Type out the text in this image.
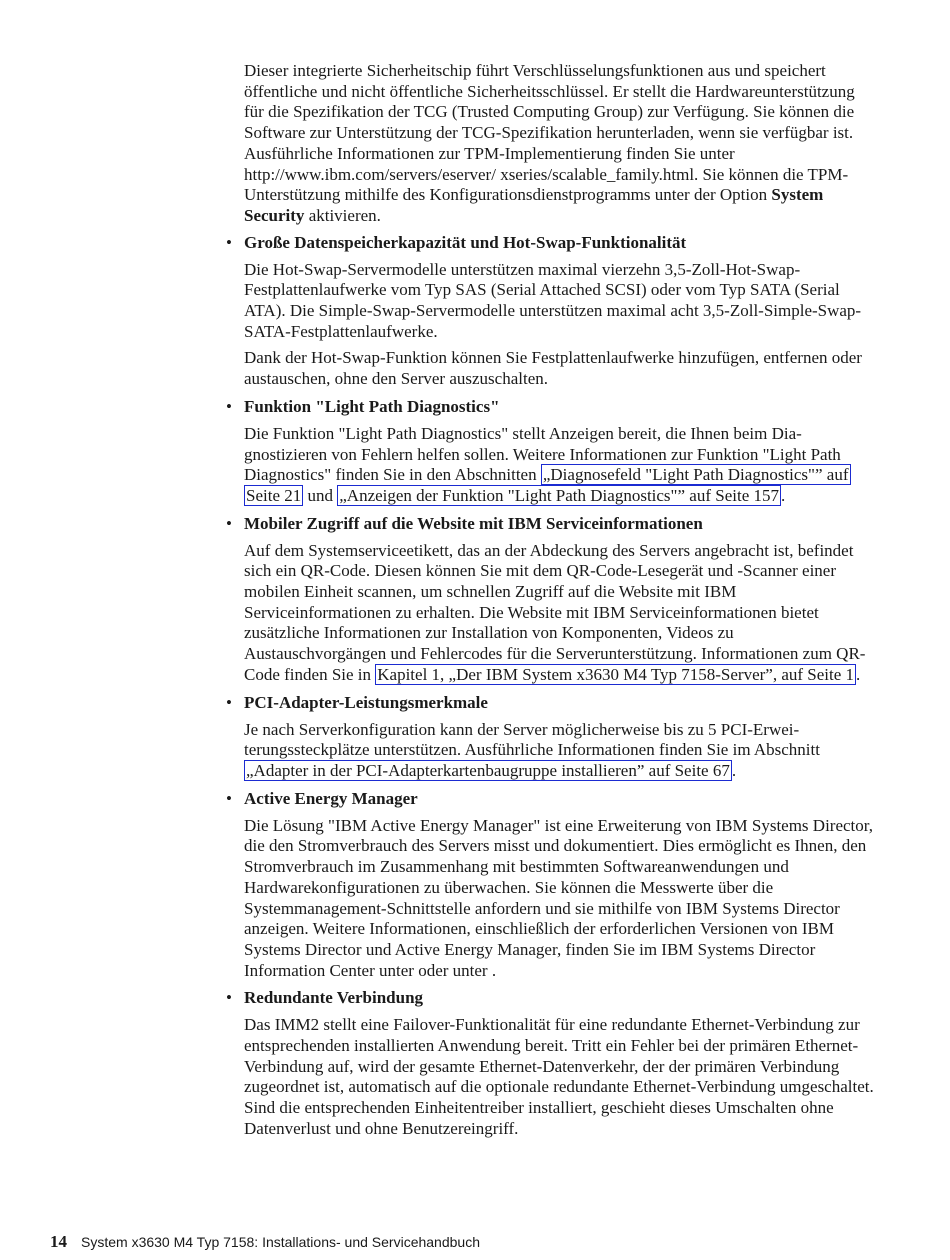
Dieser integrierte Sicherheitschip führt Verschlüsselungsfunktionen aus und speichert öffentliche und nicht öffentliche Sicherheitsschlüssel. Er stellt die Hardwareunterstützung für die Spezifikation der TCG (Trusted Computing Group) zur Verfügung. Sie können die Software zur Unterstützung der TCG-Spezifikation herunterladen, wenn sie verfügbar ist. Ausführliche Informationen zur TPM-Implementierung finden Sie unter http://www.ibm.com/servers/eserver/ xseries/scalable_family.html. Sie können die TPM-Unterstützung mithilfe des Konfigurationsdienstprogramms unter der Option System Security aktivieren.

• Große Datenspeicherkapazität und Hot-Swap-Funktionalität

Die Hot-Swap-Servermodelle unterstützen maximal vierzehn 3,5-Zoll-Hot-Swap-Festplattenlaufwerke vom Typ SAS (Serial Attached SCSI) oder vom Typ SATA (Serial ATA). Die Simple-Swap-Servermodelle unterstützen maximal acht 3,5-Zoll-Simple-Swap-SATA-Festplattenlaufwerke.

Dank der Hot-Swap-Funktion können Sie Festplattenlaufwerke hinzufügen, entfernen oder austauschen, ohne den Server auszuschalten.

• Funktion "Light Path Diagnostics"

Die Funktion "Light Path Diagnostics" stellt Anzeigen bereit, die Ihnen beim Diagnostizieren von Fehlern helfen sollen. Weitere Informationen zur Funktion "Light Path Diagnostics" finden Sie in den Abschnitten „Diagnosefeld "Light Path Diagnostics"” auf Seite 21 und „Anzeigen der Funktion "Light Path Diagnostics"” auf Seite 157 .

• Mobiler Zugriff auf die Website mit IBM Serviceinformationen

Auf dem Systemserviceetikett, das an der Abdeckung des Servers angebracht ist, befindet sich ein QR-Code. Diesen können Sie mit dem QR-Code-Lesegerät und -Scanner einer mobilen Einheit scannen, um schnellen Zugriff auf die Website mit IBM Serviceinformationen zu erhalten. Die Website mit IBM Serviceinformationen bietet zusätzliche Informationen zur Installation von Komponenten, Videos zu Austauschvorgängen und Fehlercodes für die Serverunterstützung. Informationen zum QR-Code finden Sie in Kapitel 1, „Der IBM System x3630 M4 Typ 7158-Server”, auf Seite 1 .

• PCI-Adapter-Leistungsmerkmale

Je nach Serverkonfiguration kann der Server möglicherweise bis zu 5 PCI-Erweiterungssteckplätze unterstützen. Ausführliche Informationen finden Sie im Abschnitt „Adapter in der PCI-Adapterkartenbaugruppe installieren” auf Seite 67 .

• Active Energy Manager

Die Lösung "IBM Active Energy Manager" ist eine Erweiterung von IBM Systems Director, die den Stromverbrauch des Servers misst und dokumentiert. Dies ermöglicht es Ihnen, den Stromverbrauch im Zusammenhang mit bestimmten Softwareanwendungen und Hardwarekonfigurationen zu überwachen. Sie können die Messwerte über die Systemmanagement-Schnittstelle anfordern und sie mithilfe von IBM Systems Director anzeigen. Weitere Informationen, einschließlich der erforderlichen Versionen von IBM Systems Director und Active Energy Manager, finden Sie im IBM Systems Director Information Center unter oder unter .

• Redundante Verbindung

Das IMM2 stellt eine Failover-Funktionalität für eine redundante Ethernet-Verbindung zur entsprechenden installierten Anwendung bereit. Tritt ein Fehler bei der primären Ethernet-Verbindung auf, wird der gesamte Ethernet-Datenverkehr, der der primären Verbindung zugeordnet ist, automatisch auf die optionale redundante Ethernet-Verbindung umgeschaltet. Sind die entsprechenden Einheitentreiber installiert, geschieht dieses Umschalten ohne Datenverlust und ohne Benutzereingriff.

14 System x3630 M4 Typ 7158: Installations- und Servicehandbuch
